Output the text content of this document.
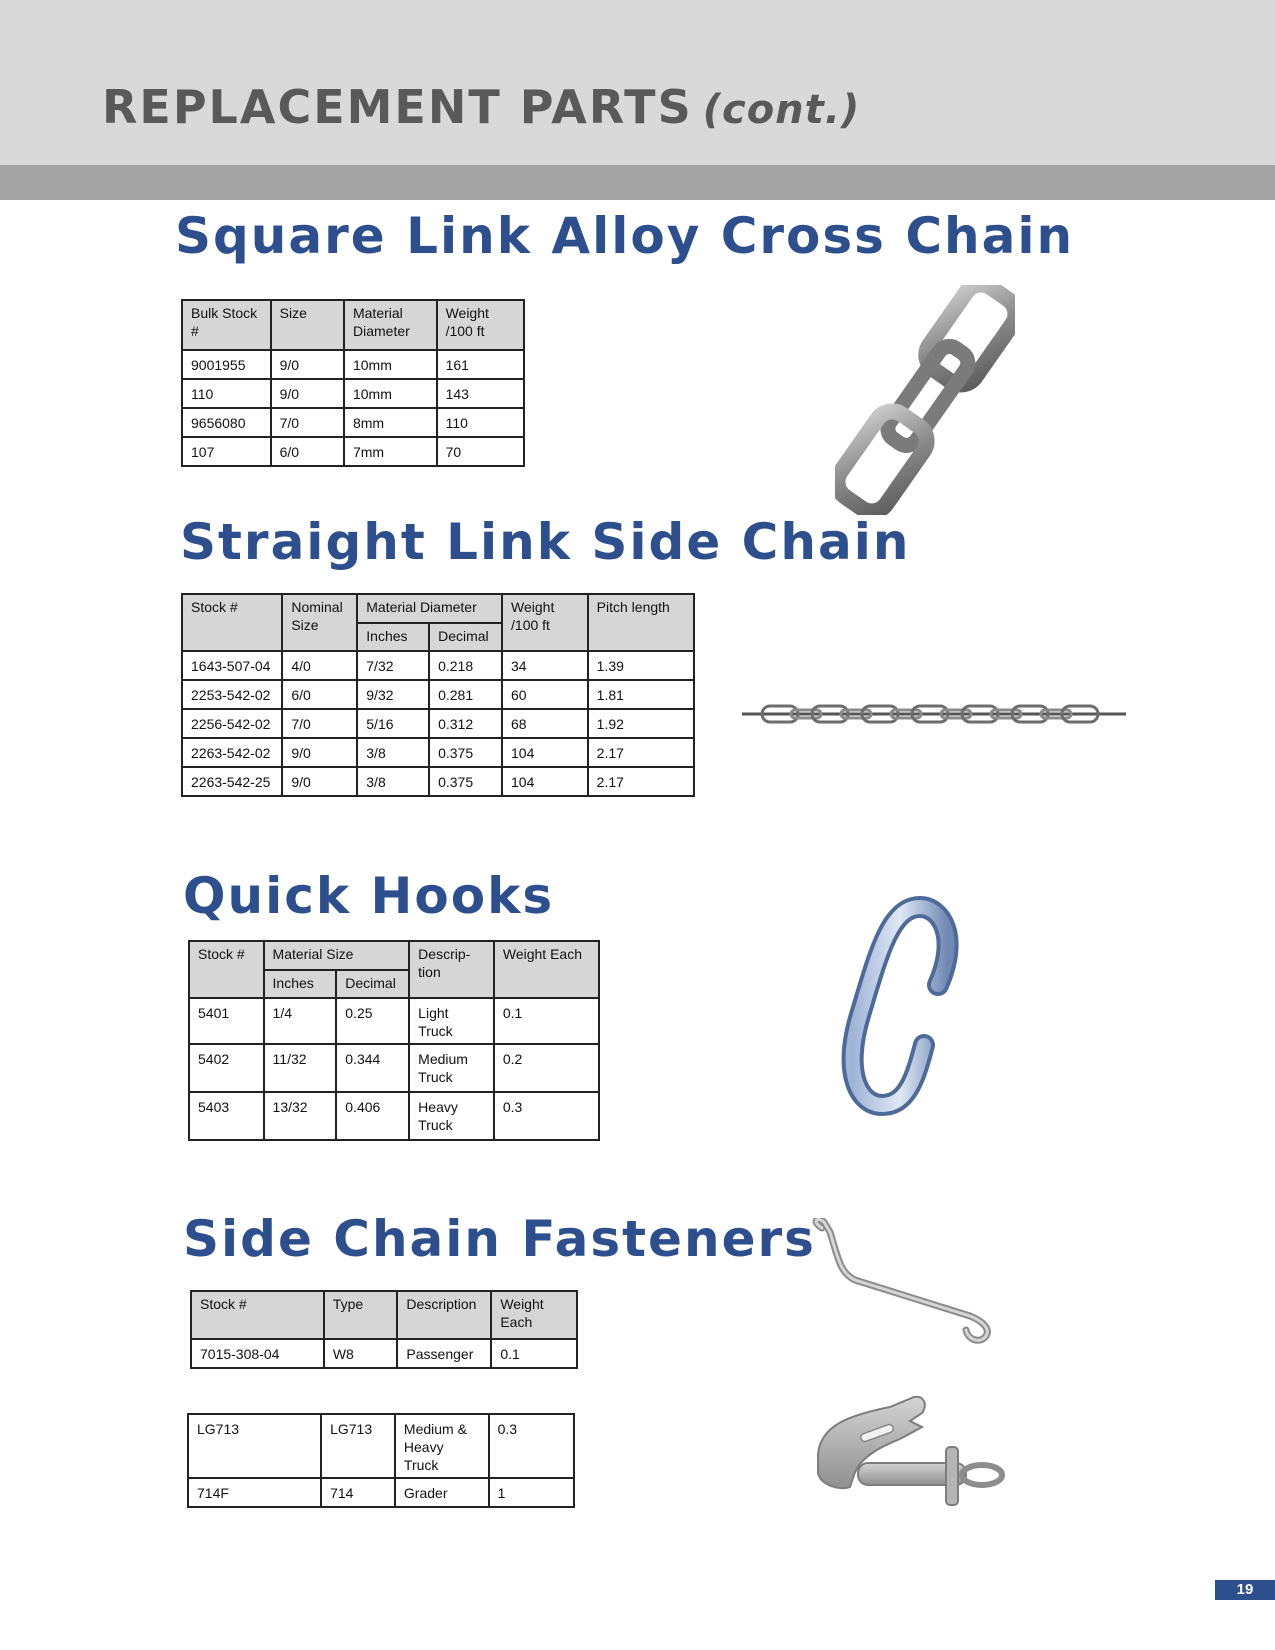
REPLACEMENT PARTS (cont.)
Square Link Alloy Cross Chain
Bulk Stock #	Size	Material Diameter	Weight /100 ft
9001955	9/0	10mm	161
110	9/0	10mm	143
9656080	7/0	8mm	110
107	6/0	7mm	70
Straight Link Side Chain
Stock #	Nominal Size	Material Diameter		Weight /100 ft	Pitch length
		Inches	Decimal		
1643-507-04	4/0	7/32	0.218	34	1.39
2253-542-02	6/0	9/32	0.281	60	1.81
2256-542-02	7/0	5/16	0.312	68	1.92
2263-542-02	9/0	3/8	0.375	104	2.17
2263-542-25	9/0	3/8	0.375	104	2.17
Quick Hooks
Stock #	Material Size		Descrip- tion	Weight Each
	Inches	Decimal		
5401	1/4	0.25	Light Truck	0.1
5402	11/32	0.344	Medium Truck	0.2
5403	13/32	0.406	Heavy Truck	0.3
Side Chain Fasteners
Stock #	Type	Description	Weight Each
7015-308-04	W8	Passenger	0.1
LG713	LG713	Medium & Heavy Truck	0.3
714F	714	Grader	1
19
